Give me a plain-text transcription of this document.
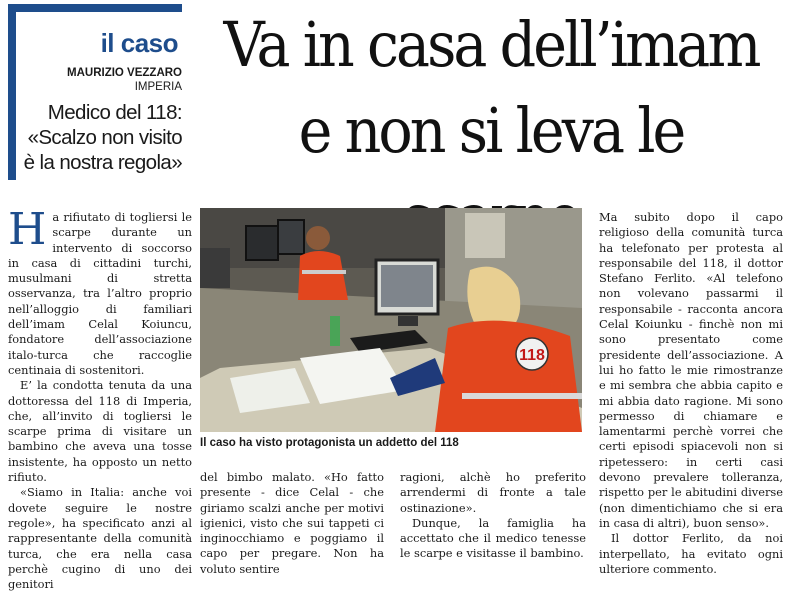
il caso
MAURIZIO VEZZARO
IMPERIA
Medico del 118:
«Scalzo non visito
è la nostra regola»
Va in casa dell’imam
e non si leva le

Ha rifiutato di togliersi le scarpe durante un intervento di soccorso in casa di cittadini turchi, musulmani di stretta osservanza, tra l’altro proprio nell’alloggio di familiari dell’imam Celal Koiuncu, fondatore dell’associazione italo-turca che raccoglie centinaia di sostenitori.

E’ la condotta tenuta da una dottoressa del 118 di Imperia, che, all’invito di togliersi le scarpe prima di visitare un bambino che aveva una tosse insistente, ha opposto un netto rifiuto.

«Siamo in Italia: anche voi dovete seguire le nostre regole», ha specificato anzi al rappresentante della comunità turca, che era nella casa perchè cugino di uno dei genitori

118
Il caso ha visto protagonista un addetto del 118

del bimbo malato. «Ho fatto presente - dice Celal - che giriamo scalzi anche per motivi igienici, visto che sui tappeti ci inginocchiamo e poggiamo il capo per pregare. Non ha voluto sentire

ragioni, alchè ho preferito arrendermi di fronte a tale ostinazione».

Dunque, la famiglia ha accettato che il medico tenesse le scarpe e visitasse il bambino.

Ma subito dopo il capo religioso della comunità turca ha telefonato per protesta al responsabile del 118, il dottor Stefano Ferlito. «Al telefono non volevano passarmi il responsabile - racconta ancora Celal Koiunku - finchè non mi sono presentato come presidente dell’associazione. A lui ho fatto le mie rimostranze e mi sembra che abbia capito e mi abbia dato ragione. Mi sono permesso di chiamare e lamentarmi perchè vorrei che certi episodi spiacevoli non si ripetessero: in certi casi devono prevalere tolleranza, rispetto per le abitudini diverse (non dimentichiamo che si era in casa di altri), buon senso».

Il dottor Ferlito, da noi interpellato, ha evitato ogni ulteriore commento.
